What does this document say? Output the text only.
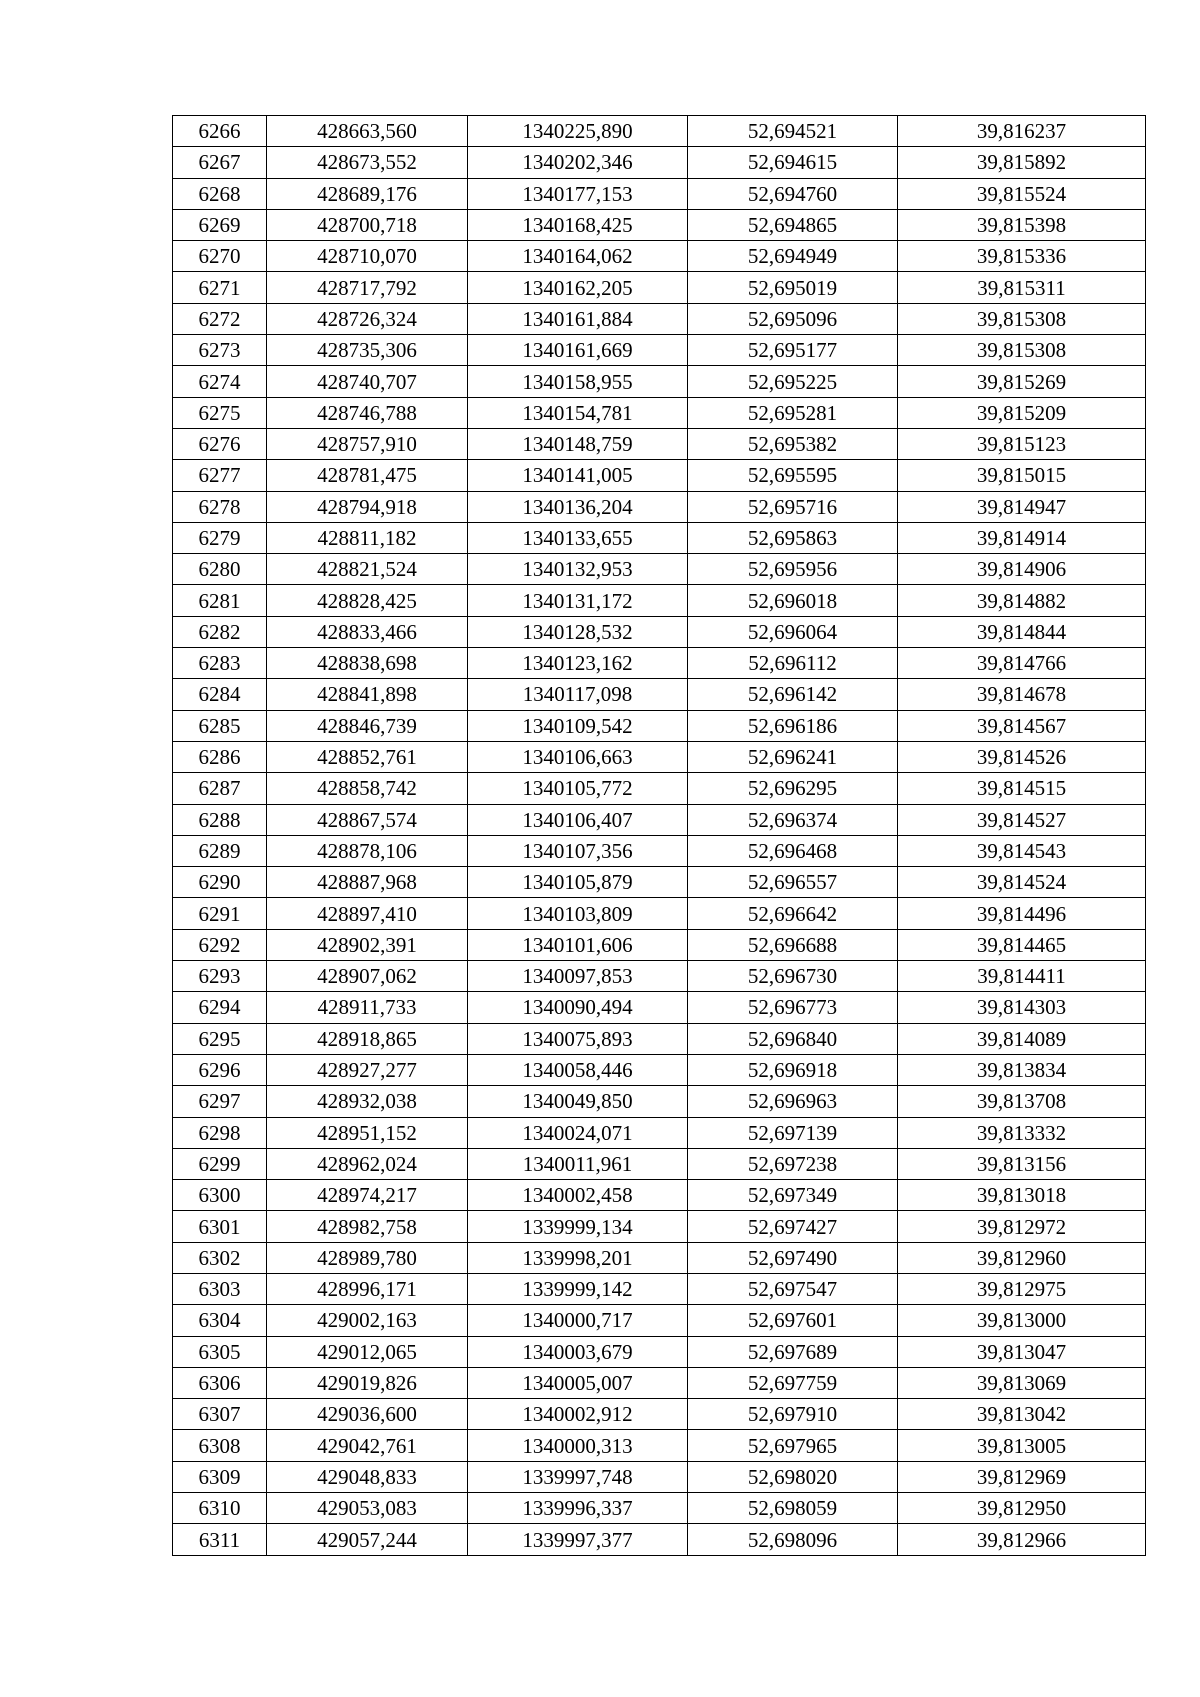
6266	428663,560	1340225,890	52,694521	39,816237
6267	428673,552	1340202,346	52,694615	39,815892
6268	428689,176	1340177,153	52,694760	39,815524
6269	428700,718	1340168,425	52,694865	39,815398
6270	428710,070	1340164,062	52,694949	39,815336
6271	428717,792	1340162,205	52,695019	39,815311
6272	428726,324	1340161,884	52,695096	39,815308
6273	428735,306	1340161,669	52,695177	39,815308
6274	428740,707	1340158,955	52,695225	39,815269
6275	428746,788	1340154,781	52,695281	39,815209
6276	428757,910	1340148,759	52,695382	39,815123
6277	428781,475	1340141,005	52,695595	39,815015
6278	428794,918	1340136,204	52,695716	39,814947
6279	428811,182	1340133,655	52,695863	39,814914
6280	428821,524	1340132,953	52,695956	39,814906
6281	428828,425	1340131,172	52,696018	39,814882
6282	428833,466	1340128,532	52,696064	39,814844
6283	428838,698	1340123,162	52,696112	39,814766
6284	428841,898	1340117,098	52,696142	39,814678
6285	428846,739	1340109,542	52,696186	39,814567
6286	428852,761	1340106,663	52,696241	39,814526
6287	428858,742	1340105,772	52,696295	39,814515
6288	428867,574	1340106,407	52,696374	39,814527
6289	428878,106	1340107,356	52,696468	39,814543
6290	428887,968	1340105,879	52,696557	39,814524
6291	428897,410	1340103,809	52,696642	39,814496
6292	428902,391	1340101,606	52,696688	39,814465
6293	428907,062	1340097,853	52,696730	39,814411
6294	428911,733	1340090,494	52,696773	39,814303
6295	428918,865	1340075,893	52,696840	39,814089
6296	428927,277	1340058,446	52,696918	39,813834
6297	428932,038	1340049,850	52,696963	39,813708
6298	428951,152	1340024,071	52,697139	39,813332
6299	428962,024	1340011,961	52,697238	39,813156
6300	428974,217	1340002,458	52,697349	39,813018
6301	428982,758	1339999,134	52,697427	39,812972
6302	428989,780	1339998,201	52,697490	39,812960
6303	428996,171	1339999,142	52,697547	39,812975
6304	429002,163	1340000,717	52,697601	39,813000
6305	429012,065	1340003,679	52,697689	39,813047
6306	429019,826	1340005,007	52,697759	39,813069
6307	429036,600	1340002,912	52,697910	39,813042
6308	429042,761	1340000,313	52,697965	39,813005
6309	429048,833	1339997,748	52,698020	39,812969
6310	429053,083	1339996,337	52,698059	39,812950
6311	429057,244	1339997,377	52,698096	39,812966
